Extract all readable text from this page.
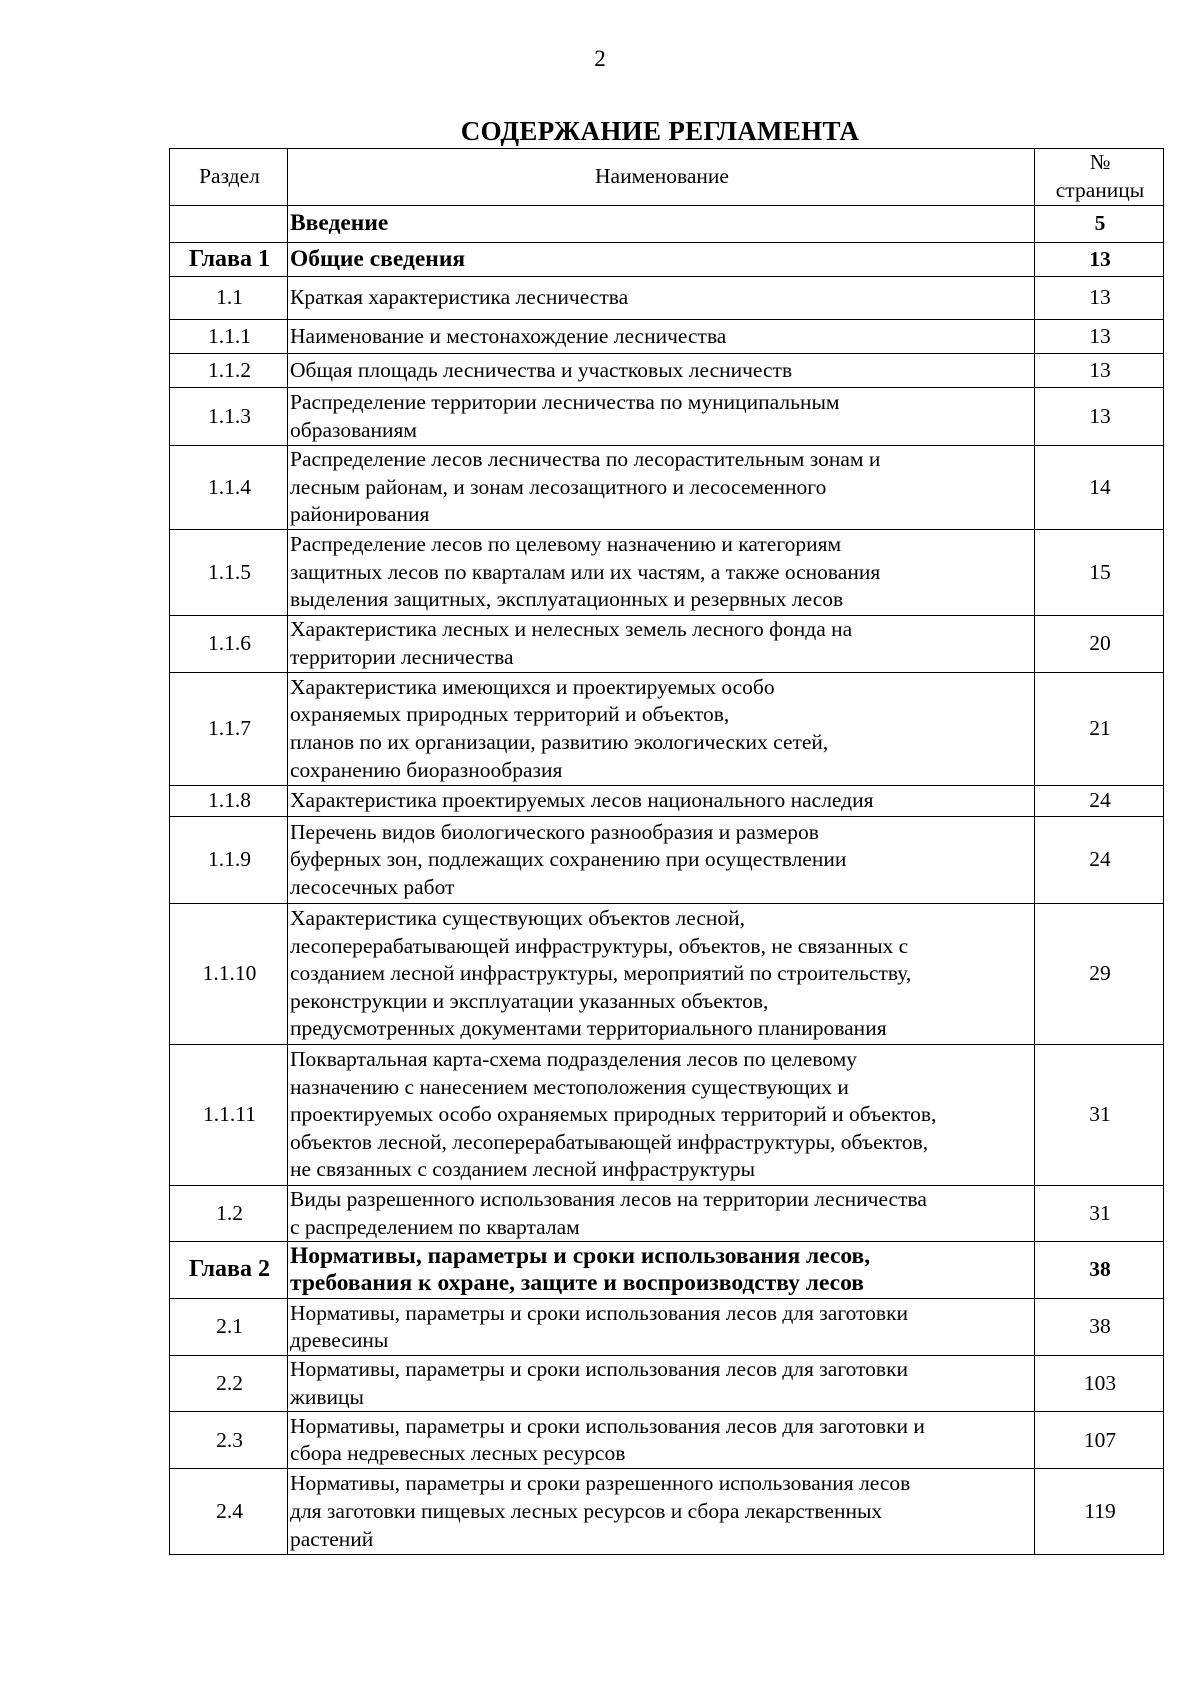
2
СОДЕРЖАНИЕ РЕГЛАМЕНТА
Раздел	Наименование	№
страницы

	Введение	5
Глава 1	Общие сведения	13
1.1	Краткая характеристика лесничества	13
1.1.1	Наименование и местонахождение лесничества	13
1.1.2	Общая площадь лесничества и участковых лесничеств	13
1.1.3	Распределение территории лесничества по муниципальным
образованиям	13
1.1.4	Распределение лесов лесничества по лесорастительным зонам и
лесным районам, и зонам лесозащитного и лесосеменного
районирования	14
1.1.5	Распределение лесов по целевому назначению и категориям
защитных лесов по кварталам или их частям, а также основания
выделения защитных, эксплуатационных и резервных лесов	15
1.1.6	Характеристика лесных и нелесных земель лесного фонда на
территории лесничества	20
1.1.7	Характеристика имеющихся и проектируемых особо
охраняемых природных территорий и объектов,
планов по их организации, развитию экологических сетей,
сохранению биоразнообразия	21
1.1.8	Характеристика проектируемых лесов национального наследия	24
1.1.9	Перечень видов биологического разнообразия и размеров
буферных зон, подлежащих сохранению при осуществлении
лесосечных работ	24
1.1.10	Характеристика существующих объектов лесной,
лесоперерабатывающей инфраструктуры, объектов, не связанных с
созданием лесной инфраструктуры, мероприятий по строительству,
реконструкции и эксплуатации указанных объектов,
предусмотренных документами территориального планирования	29
1.1.11	Поквартальная карта-схема подразделения лесов по целевому
назначению с нанесением местоположения существующих и
проектируемых особо охраняемых природных территорий и объектов,
объектов лесной, лесоперерабатывающей инфраструктуры, объектов,
не связанных с созданием лесной инфраструктуры	31
1.2	Виды разрешенного использования лесов на территории лесничества
с распределением по кварталам	31
Глава 2	Нормативы, параметры и сроки использования лесов,
требования к охране, защите и воспроизводству лесов	38
2.1	Нормативы, параметры и сроки использования лесов для заготовки
древесины	38
2.2	Нормативы, параметры и сроки использования лесов для заготовки
живицы	103
2.3	Нормативы, параметры и сроки использования лесов для заготовки и
сбора недревесных лесных ресурсов	107
2.4	Нормативы, параметры и сроки разрешенного использования лесов
для заготовки пищевых лесных ресурсов и сбора лекарственных
растений	119
